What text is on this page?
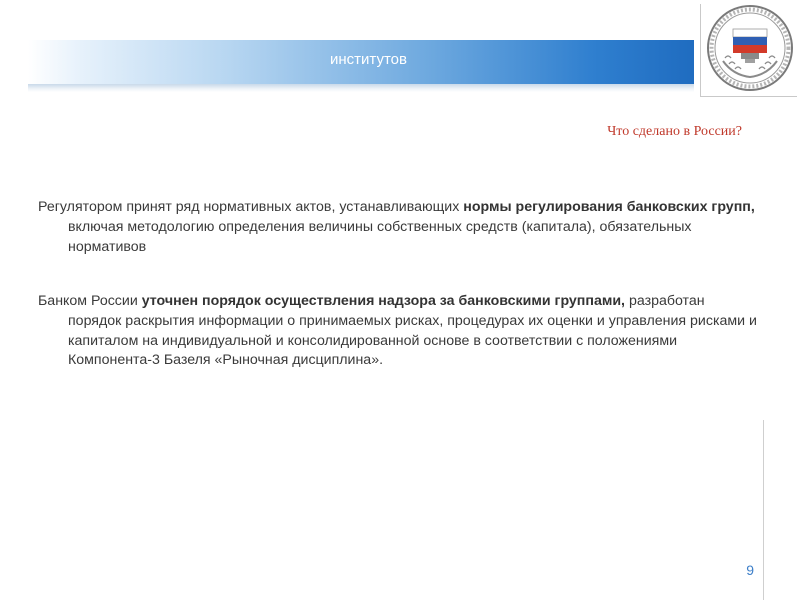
институтов
Что сделано в России?
Регулятором принят ряд нормативных актов, устанавливающих нормы регулирования банковских групп, включая методологию определения величины собственных средств (капитала), обязательных нормативов
Банком России уточнен порядок осуществления надзора за банковскими группами, разработан порядок раскрытия информации о принимаемых рисках, процедурах их оценки и управления рисками и капиталом на индивидуальной и консолидированной основе в соответствии с положениями Компонента-3 Базеля «Рыночная дисциплина».
9
